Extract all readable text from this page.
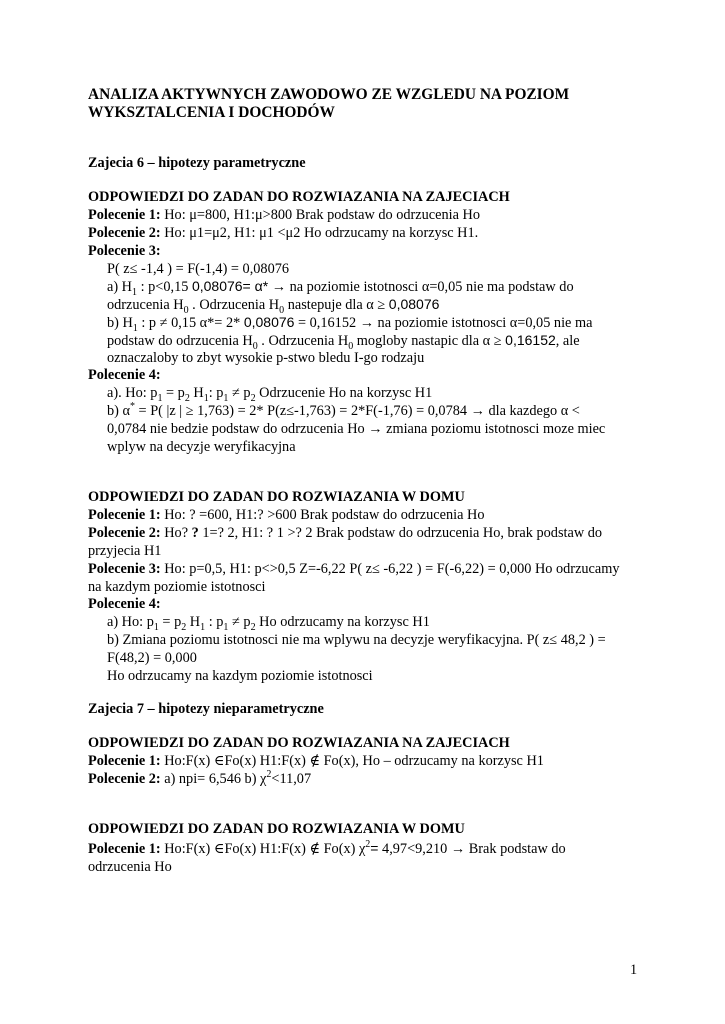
ANALIZA AKTYWNYCH ZAWODOWO ZE WZGLEDU NA POZIOM
WYKSZTALCENIA I DOCHODÓW
Zajecia 6 – hipotezy parametryczne
ODPOWIEDZI DO ZADAN DO ROZWIAZANIA NA ZAJECIACH
Polecenie 1: Ho: μ=800, H1:μ>800 Brak podstaw do odrzucenia Ho
Polecenie 2: Ho: μ1=μ2, H1: μ1 <μ2 Ho odrzucamy na korzysc H1.
Polecenie 3:
P( z≤ -1,4 ) = F(-1,4) = 0,08076
a) $H_1$ : p<0,15 0,08076= α* → na poziomie istotnosci α=0,05 nie ma podstaw do
odrzucenia $H_0$ . Odrzucenia $H_0$ nastepuje dla α ≥ 0,08076
b) $H_1$ : p ≠ 0,15 α*= 2* 0,08076 = 0,16152 → na poziomie istotnosci α=0,05 nie ma
podstaw do odrzucenia $H_0$ . Odrzucenia $H_0$ mogloby nastapic dla α ≥ 0,16152, ale
oznaczaloby to zbyt wysokie p-stwo bledu I-go rodzaju
Polecenie 4:
a). Ho: $p_1 = p_2$ $H_1$: $p_1 \ne p_2$ Odrzucenie Ho na korzysc H1
b) α* = P( |z | ≥ 1,763) = 2* P(z≤-1,763) = 2*F(-1,76) = 0,0784 → dla kazdego α <
0,0784 nie bedzie podstaw do odrzucenia Ho → zmiana poziomu istotnosci moze miec
wplyw na decyzje weryfikacyjna
ODPOWIEDZI DO ZADAN DO ROZWIAZANIA W DOMU
Polecenie 1: Ho: ? =600, H1:? >600 Brak podstaw do odrzucenia Ho
Polecenie 2: Ho? ? 1=? 2, H1: ? 1 >? 2 Brak podstaw do odrzucenia Ho, brak podstaw do
przyjecia H1
Polecenie 3: Ho: p=0,5, H1: p<>0,5 Z=-6,22 P( z≤ -6,22 ) = F(-6,22) = 0,000 Ho odrzucamy
na kazdym poziomie istotnosci
Polecenie 4:
a) Ho: $p_1 = p_2$ $H_1$ : $p_1 \ne p_2$ Ho odrzucamy na korzysc H1
b) Zmiana poziomu istotnosci nie ma wplywu na decyzje weryfikacyjna. P( z≤ 48,2 ) =
F(48,2) = 0,000
Ho odrzucamy na kazdym poziomie istotnosci
Zajecia 7 – hipotezy nieparametryczne
ODPOWIEDZI DO ZADAN DO ROZWIAZANIA NA ZAJECIACH
Polecenie 1: Ho:F(x) ∈Fo(x) H1:F(x) ∉ Fo(x), Ho – odrzucamy na korzysc H1
Polecenie 2: a) npi= 6,546 b) $\chi^2<11,07$
ODPOWIEDZI DO ZADAN DO ROZWIAZANIA W DOMU
Polecenie 1: Ho:F(x) ∈Fo(x) H1:F(x) ∉ Fo(x) $\chi^2= 4,97<9,210$ → Brak podstaw do
odrzucenia Ho
1
